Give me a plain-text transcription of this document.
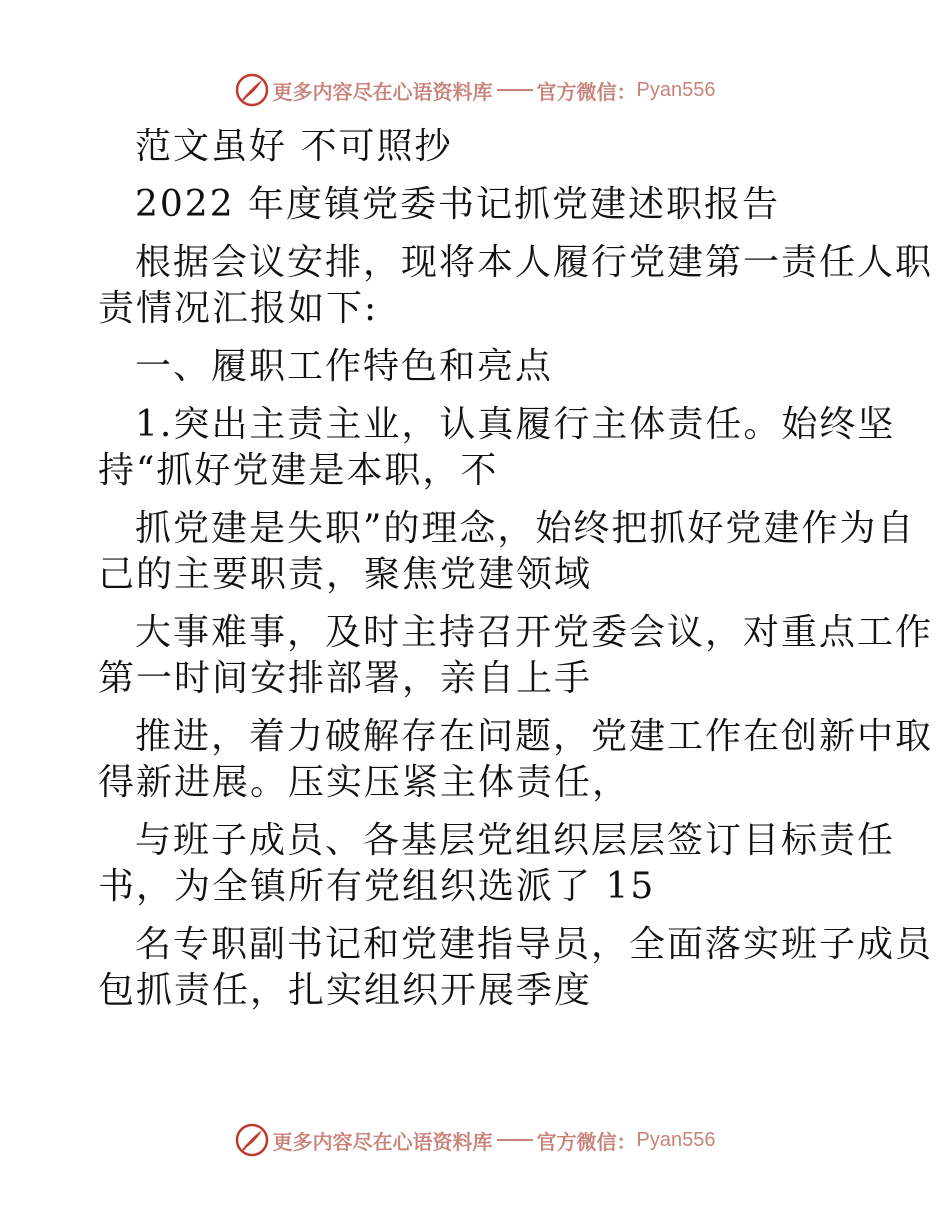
更多内容尽在心语资料库 官方微信： Pyan556

范文虽好 不可照抄

2022 年度镇党委书记抓党建述职报告

根据会议安排，现将本人履行党建第一责任人职

责情况汇报如下:

一、履职工作特色和亮点

1.突出主责主业，认真履行主体责任。始终坚

持“抓好党建是本职，不

抓党建是失职”的理念，始终把抓好党建作为自

己的主要职责，聚焦党建领域

大事难事，及时主持召开党委会议，对重点工作

第一时间安排部署，亲自上手

推进，着力破解存在问题，党建工作在创新中取

得新进展。压实压紧主体责任，

与班子成员、各基层党组织层层签订目标责任

书，为全镇所有党组织选派了 15

名专职副书记和党建指导员，全面落实班子成员

包抓责任，扎实组织开展季度

更多内容尽在心语资料库 官方微信： Pyan556
